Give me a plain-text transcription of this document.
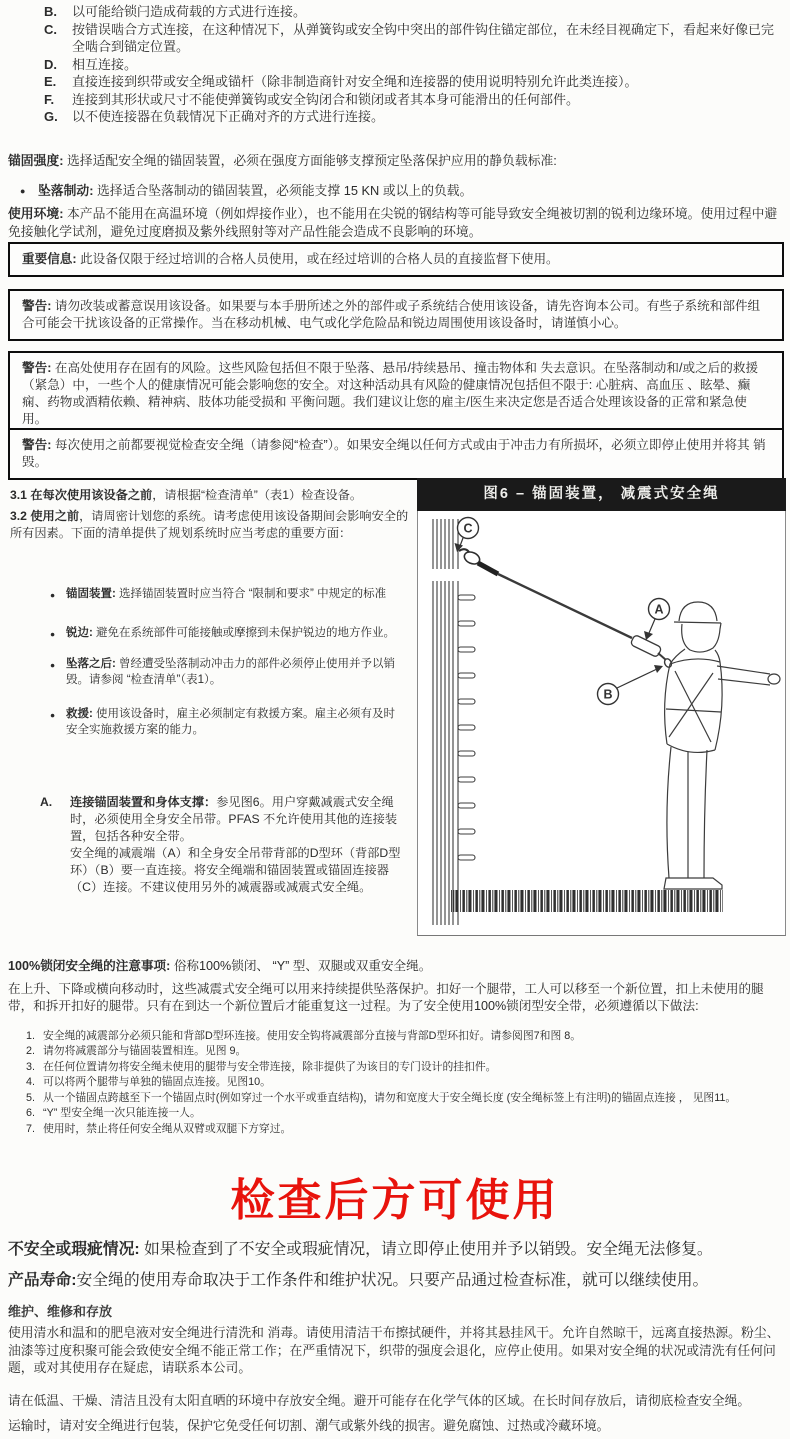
B.	以可能给锁闩造成荷载的方式进行连接。
C.	按错误啮合方式连接，在这种情况下，从弹簧钩或安全钩中突出的部件钩住锚定部位，在未经目视确定下，看起来好像已完全啮合到锚定位置。
D.	相互连接。
E.	直接连接到织带或安全绳或锚杆（除非制造商针对安全绳和连接器的使用说明特别允许此类连接）。
F.	连接到其形状或尺寸不能使弹簧钩或安全钩闭合和锁闭或者其本身可能滑出的任何部件。
G.	以不使连接器在负载情况下正确对齐的方式进行连接。
锚固强度: 选择适配安全绳的锚固装置，必须在强度方面能够支撑预定坠落保护应用的静负载标准:
● 坠落制动: 选择适合坠落制动的锚固装置，必须能支撑 15 KN 或以上的负载。
使用环境: 本产品不能用在高温环境（例如焊接作业），也不能用在尖锐的钢结构等可能导致安全绳被切割的锐利边缘环境。使用过程中避免接触化学试剂，避免过度磨损及紫外线照射等对产品性能会造成不良影响的环境。
重要信息: 此设备仅限于经过培训的合格人员使用，或在经过培训的合格人员的直接监督下使用。
警告: 请勿改装或蓄意误用该设备。如果要与本手册所述之外的部件或子系统结合使用该设备，请先咨询本公司。有些子系统和部件组合可能会干扰该设备的正常操作。当在移动机械、电气或化学危险品和锐边周围使用该设备时，请谨慎小心。
警告: 在高处使用存在固有的风险。这些风险包括但不限于坠落、悬吊/持续悬吊、撞击物体和 失去意识。在坠落制动和/或之后的救援（紧急）中，一些个人的健康情况可能会影响您的安全。对这种活动具有风险的健康情况包括但不限于: 心脏病、高血压 、眩晕、癫痫、药物或酒精依赖、精神病、肢体功能受损和 平衡问题。我们建议让您的雇主/医生来决定您是否适合处理该设备的正常和紧急使用。
警告: 每次使用之前都要视觉检查安全绳（请参阅“检查”）。如果安全绳以任何方式或由于冲击力有所损坏，必须立即停止使用并将其 销毁。
3.1 在每次使用该设备之前，请根据“检查清单”（表1）检查设备。
3.2 使用之前，请周密计划您的系统。请考虑使用该设备期间会影响安全的所有因素。下面的清单提供了规划系统时应当考虑的重要方面：
● 锚固装置: 选择锚固装置时应当符合 “限制和要求” 中规定的标准
● 锐边: 避免在系统部件可能接触或摩擦到未保护锐边的地方作业。
● 坠落之后: 曾经遭受坠落制动冲击力的部件必须停止使用并予以销毁。请参阅 “检查清单”（表1）。
● 救援: 使用该设备时，雇主必须制定有救援方案。雇主必须有及时安全实施救援方案的能力。
A.	连接锚固装置和身体支撑：参见图6。用户穿戴减震式安全绳时，必须使用全身安全吊带。PFAS 不允许使用其他的连接装置，包括各种安全带。
安全绳的减震端（A）和全身安全吊带背部的D型环（背部D型环）（B）要一直连接。将安全绳端和锚固装置或锚固连接器（C）连接。不建议使用另外的减震器或减震式安全绳。
图6 – 锚固装置， 减震式安全绳
C
A
B
100%锁闭安全绳的注意事项: 俗称100%锁闭、 “Y” 型、双腿或双重安全绳。
在上升、下降或横向移动时，这些减震式安全绳可以用来持续提供坠落保护。扣好一个腿带，工人可以移至一个新位置，扣上未使用的腿带，和拆开扣好的腿带。只有在到达一个新位置后才能重复这一过程。为了安全使用100%锁闭型安全带，必须遵循以下做法:
1. 安全绳的减震部分必须只能和背部D型环连接。使用安全钩将减震部分直接与背部D型环扣好。请参阅图7和图 8。
2. 请勿将减震部分与锚固装置相连。见图 9。
3. 在任何位置请勿将安全绳未使用的腿带与安全带连接，除非提供了为该目的专门设计的挂扣件。
4. 可以将两个腿带与单独的锚固点连接。见图10。
5. 从一个锚固点跨越至下一个锚固点时(例如穿过一个水平或垂直结构)，请勿和宽度大于安全绳长度 (安全绳标签上有注明)的锚固点连接 ， 见图11。
6. “Y” 型安全绳一次只能连接一人。
7. 使用时，禁止将任何安全绳从双臂或双腿下方穿过。
检查后方可使用
不安全或瑕疵情况: 如果检查到了不安全或瑕疵情况，请立即停止使用并予以销毁。安全绳无法修复。
产品寿命:安全绳的使用寿命取决于工作条件和维护状况。只要产品通过检查标准，就可以继续使用。
维护、维修和存放
使用清水和温和的肥皂液对安全绳进行清洗和 消毒。请使用清洁干布擦拭硬件，并将其悬挂风干。允许自然晾干，远离直接热源。粉尘、油漆等过度积聚可能会致使安全绳不能正常工作；在严重情况下，织带的强度会退化，应停止使用。如果对安全绳的状况或清洗有任何问题，或对其使用存在疑虑，请联系本公司。
请在低温、干燥、清洁且没有太阳直晒的环境中存放安全绳。避开可能存在化学气体的区域。在长时间存放后，请彻底检查安全绳。
运输时，请对安全绳进行包装，保护它免受任何切割、潮气或紫外线的损害。避免腐蚀、过热或冷藏环境。
